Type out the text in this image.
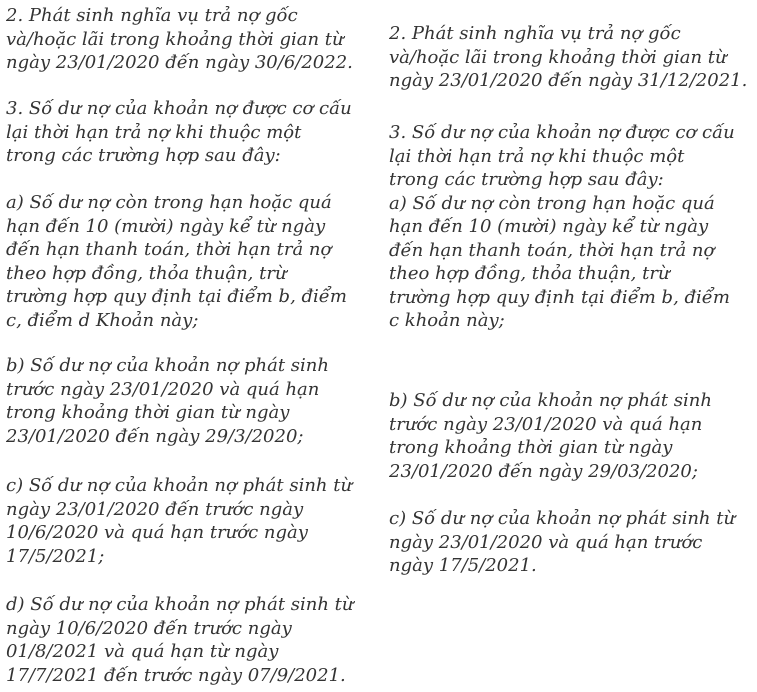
2. Phát sinh nghĩa vụ trả nợ gốc
và/hoặc lãi trong khoảng thời gian từ
ngày 23/01/2020 đến ngày 30/6/2022.

3. Số dư nợ của khoản nợ được cơ cấu
lại thời hạn trả nợ khi thuộc một
trong các trường hợp sau đây:

a) Số dư nợ còn trong hạn hoặc quá
hạn đến 10 (mười) ngày kể từ ngày
đến hạn thanh toán, thời hạn trả nợ
theo hợp đồng, thỏa thuận, trừ
trường hợp quy định tại điểm b, điểm
c, điểm d Khoản này;

b) Số dư nợ của khoản nợ phát sinh
trước ngày 23/01/2020 và quá hạn
trong khoảng thời gian từ ngày
23/01/2020 đến ngày 29/3/2020;

c) Số dư nợ của khoản nợ phát sinh từ
ngày 23/01/2020 đến trước ngày
10/6/2020 và quá hạn trước ngày
17/5/2021;

d) Số dư nợ của khoản nợ phát sinh từ
ngày 10/6/2020 đến trước ngày
01/8/2021 và quá hạn từ ngày
17/7/2021 đến trước ngày 07/9/2021.

2. Phát sinh nghĩa vụ trả nợ gốc
và/hoặc lãi trong khoảng thời gian từ
ngày 23/01/2020 đến ngày 31/12/2021.

3. Số dư nợ của khoản nợ được cơ cấu
lại thời hạn trả nợ khi thuộc một
trong các trường hợp sau đây:
a) Số dư nợ còn trong hạn hoặc quá
hạn đến 10 (mười) ngày kể từ ngày
đến hạn thanh toán, thời hạn trả nợ
theo hợp đồng, thỏa thuận, trừ
trường hợp quy định tại điểm b, điểm
c khoản này;

b) Số dư nợ của khoản nợ phát sinh
trước ngày 23/01/2020 và quá hạn
trong khoảng thời gian từ ngày
23/01/2020 đến ngày 29/03/2020;

c) Số dư nợ của khoản nợ phát sinh từ
ngày 23/01/2020 và quá hạn trước
ngày 17/5/2021.
